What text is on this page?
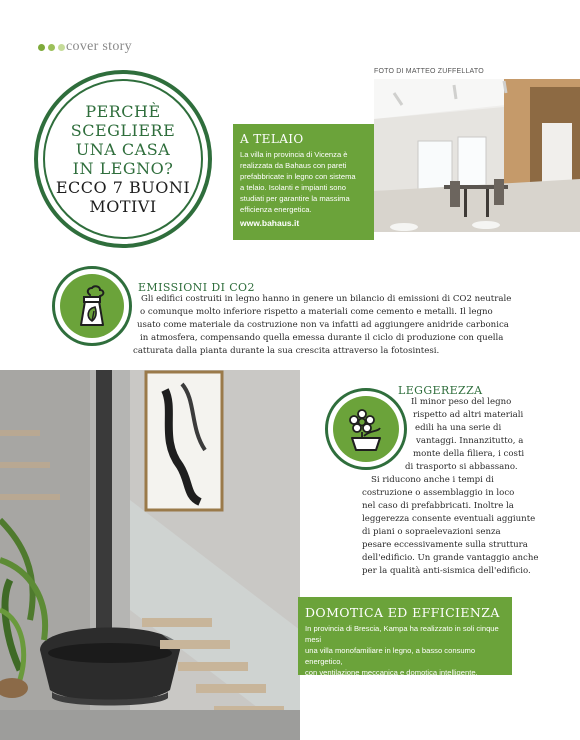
cover story
PERCHÈ
SCEGLIERE
UNA CASA
IN LEGNO?
ECCO 7 BUONI
MOTIVI
FOTO DI MATTEO ZUFFELLATO
A TELAIO
La villa in provincia di Vicenza è
realizzata da Bahaus con pareti
prefabbricate in legno con sistema
a telaio. Isolanti e impianti sono
studiati per garantire la massima
efficienza energetica.
www.bahaus.it
EMISSIONI DI CO2
Gli edifici costruiti in legno hanno in genere un bilancio di emissioni di CO2 neutrale
o comunque molto inferiore rispetto a materiali come cemento e metalli. Il legno
usato come materiale da costruzione non va infatti ad aggiungere anidride carbonica
in atmosfera, compensando quella emessa durante il ciclo di produzione con quella
catturata dalla pianta durante la sua crescita attraverso la fotosintesi.
LEGGEREZZA
Il minor peso del legno
rispetto ad altri materiali
edili ha una serie di
vantaggi. Innanzitutto, a
monte della filiera, i costi
di trasporto si abbassano.
Si riducono anche i tempi di
costruzione o assemblaggio in loco
nel caso di prefabbricati. Inoltre la
leggerezza consente eventuali aggiunte
di piani o sopraelevazioni senza
pesare eccessivamente sulla struttura
dell'edificio. Un grande vantaggio anche
per la qualità anti-sismica dell'edificio.
DOMOTICA ED EFFICIENZA
In provincia di Brescia, Kampa ha realizzato in soli cinque mesi
una villa monofamiliare in legno, a basso consumo energetico,
con ventilazione meccanica e domotica intelligente.
www.kampa.it
